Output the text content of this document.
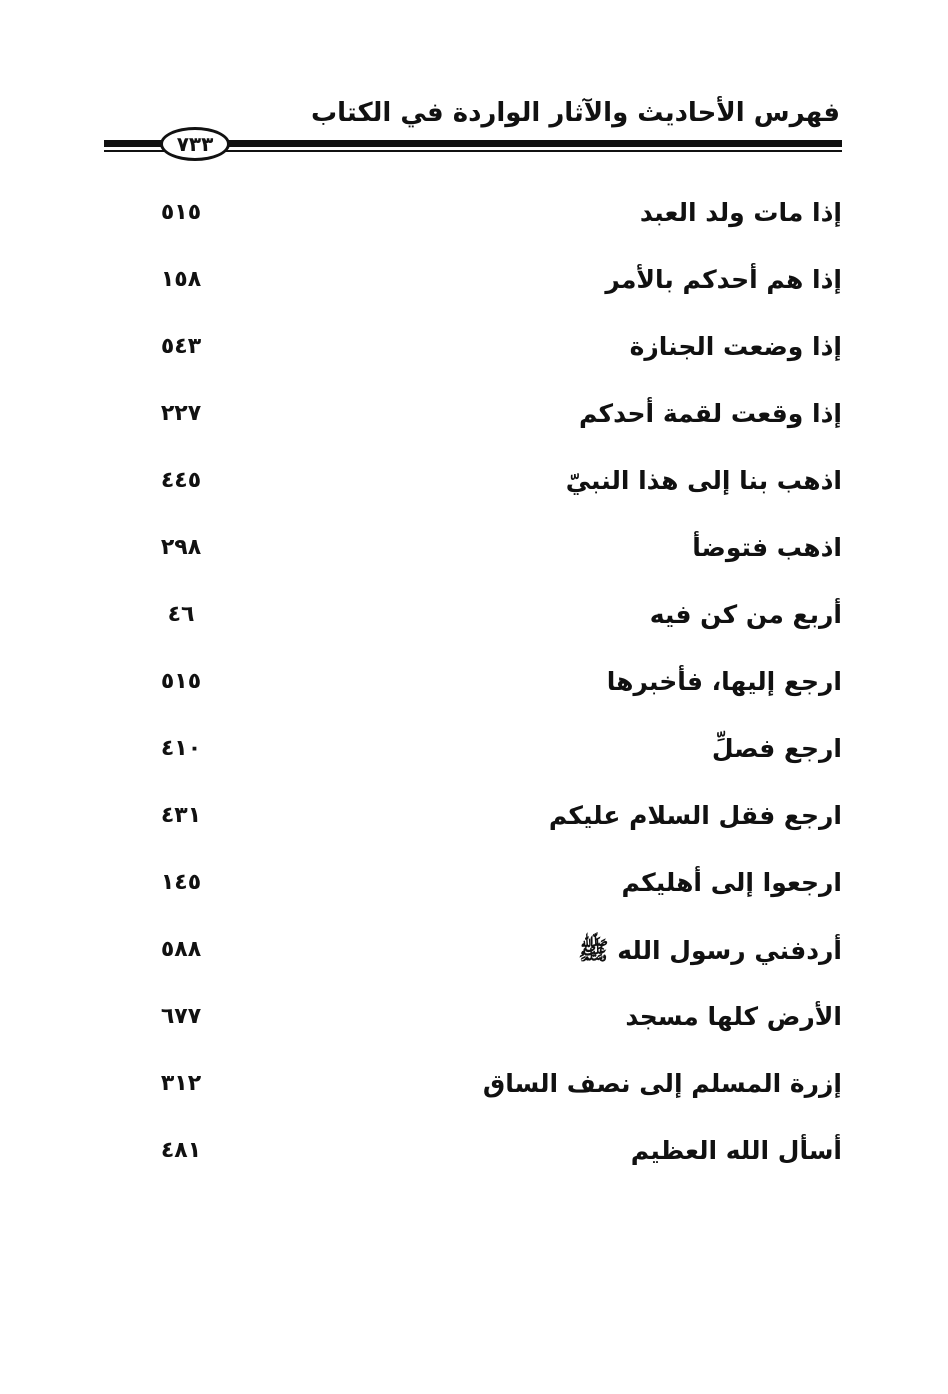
فهرس الأحاديث والآثار الواردة في الكتاب
٧٣٣
إذا مات ولد العبد
٥١٥
إذا هم أحدكم بالأمر
١٥٨
إذا وضعت الجنازة
٥٤٣
إذا وقعت لقمة أحدكم
٢٢٧
اذهب بنا إلى هذا النبيّ
٤٤٥
اذهب فتوضأ
٢٩٨
أربع من كن فيه
٤٦
ارجع إليها، فأخبرها
٥١٥
ارجع فصلِّ
٤١٠
ارجع فقل السلام عليكم
٤٣١
ارجعوا إلى أهليكم
١٤٥
أردفني رسول الله ﷺ
٥٨٨
الأرض كلها مسجد
٦٧٧
إزرة المسلم إلى نصف الساق
٣١٢
أسأل الله العظيم
٤٨١
